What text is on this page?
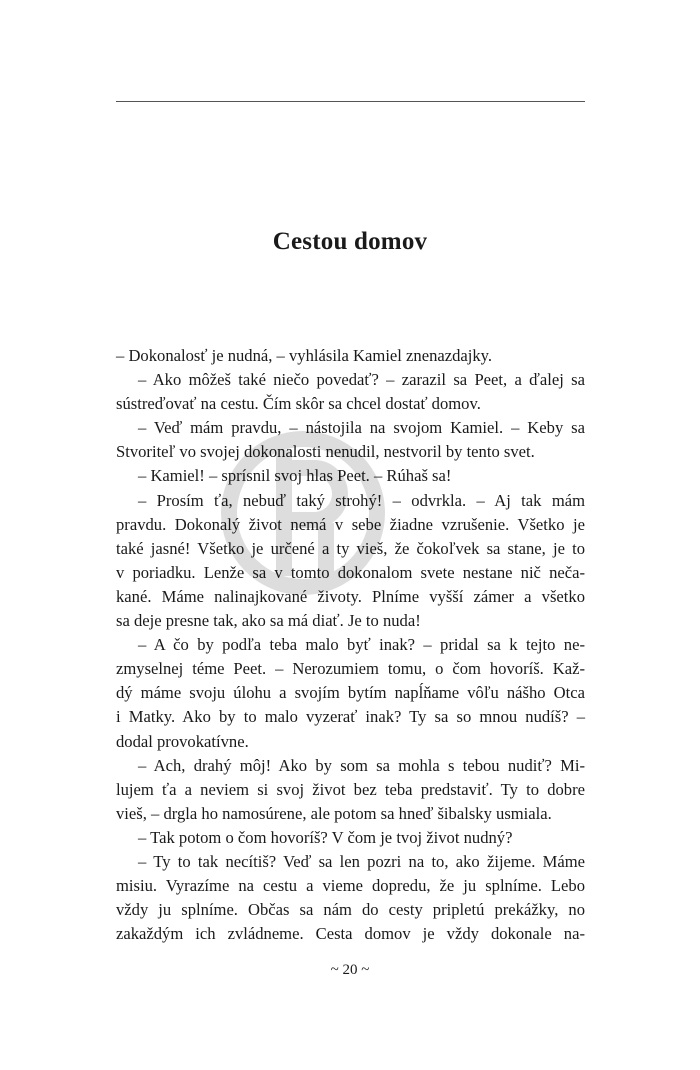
Cestou domov
– Dokonalosť je nudná, – vyhlásila Kamiel znenazdajky.
– Ako môžeš také niečo povedať? – zarazil sa Peet, a ďalej sa
sústreďovať na cestu. Čím skôr sa chcel dostať domov.
– Veď mám pravdu, – nástojila na svojom Kamiel. – Keby sa
Stvoriteľ vo svojej dokonalosti nenudil, nestvoril by tento svet.
– Kamiel! – sprísnil svoj hlas Peet. – Rúhaš sa!
– Prosím ťa, nebuď taký strohý! – odvrkla. – Aj tak mám
pravdu. Dokonalý život nemá v sebe žiadne vzrušenie. Všetko je
také jasné! Všetko je určené a ty vieš, že čokoľvek sa stane, je to
v poriadku. Lenže sa v tomto dokonalom svete nestane nič neča-
kané. Máme nalinajkované životy. Plníme vyšší zámer a všetko
sa deje presne tak, ako sa má diať. Je to nuda!
– A čo by podľa teba malo byť inak? – pridal sa k tejto ne-
zmyselnej téme Peet. – Nerozumiem tomu, o čom hovoríš. Kaž-
dý máme svoju úlohu a svojím bytím napĺňame vôľu nášho Otca
i Matky. Ako by to malo vyzerať inak? Ty sa so mnou nudíš? –
dodal provokatívne.
– Ach, drahý môj! Ako by som sa mohla s tebou nudiť? Mi-
lujem ťa a neviem si svoj život bez teba predstaviť. Ty to dobre
vieš, – drgla ho namosúrene, ale potom sa hneď šibalsky usmiala.
– Tak potom o čom hovoríš? V čom je tvoj život nudný?
– Ty to tak necítiš? Veď sa len pozri na to, ako žijeme. Máme
misiu. Vyrazíme na cestu a vieme dopredu, že ju splníme. Lebo
vždy ju splníme. Občas sa nám do cesty pripletú prekážky, no
zakaždým ich zvládneme. Cesta domov je vždy dokonale na-
~ 20 ~
